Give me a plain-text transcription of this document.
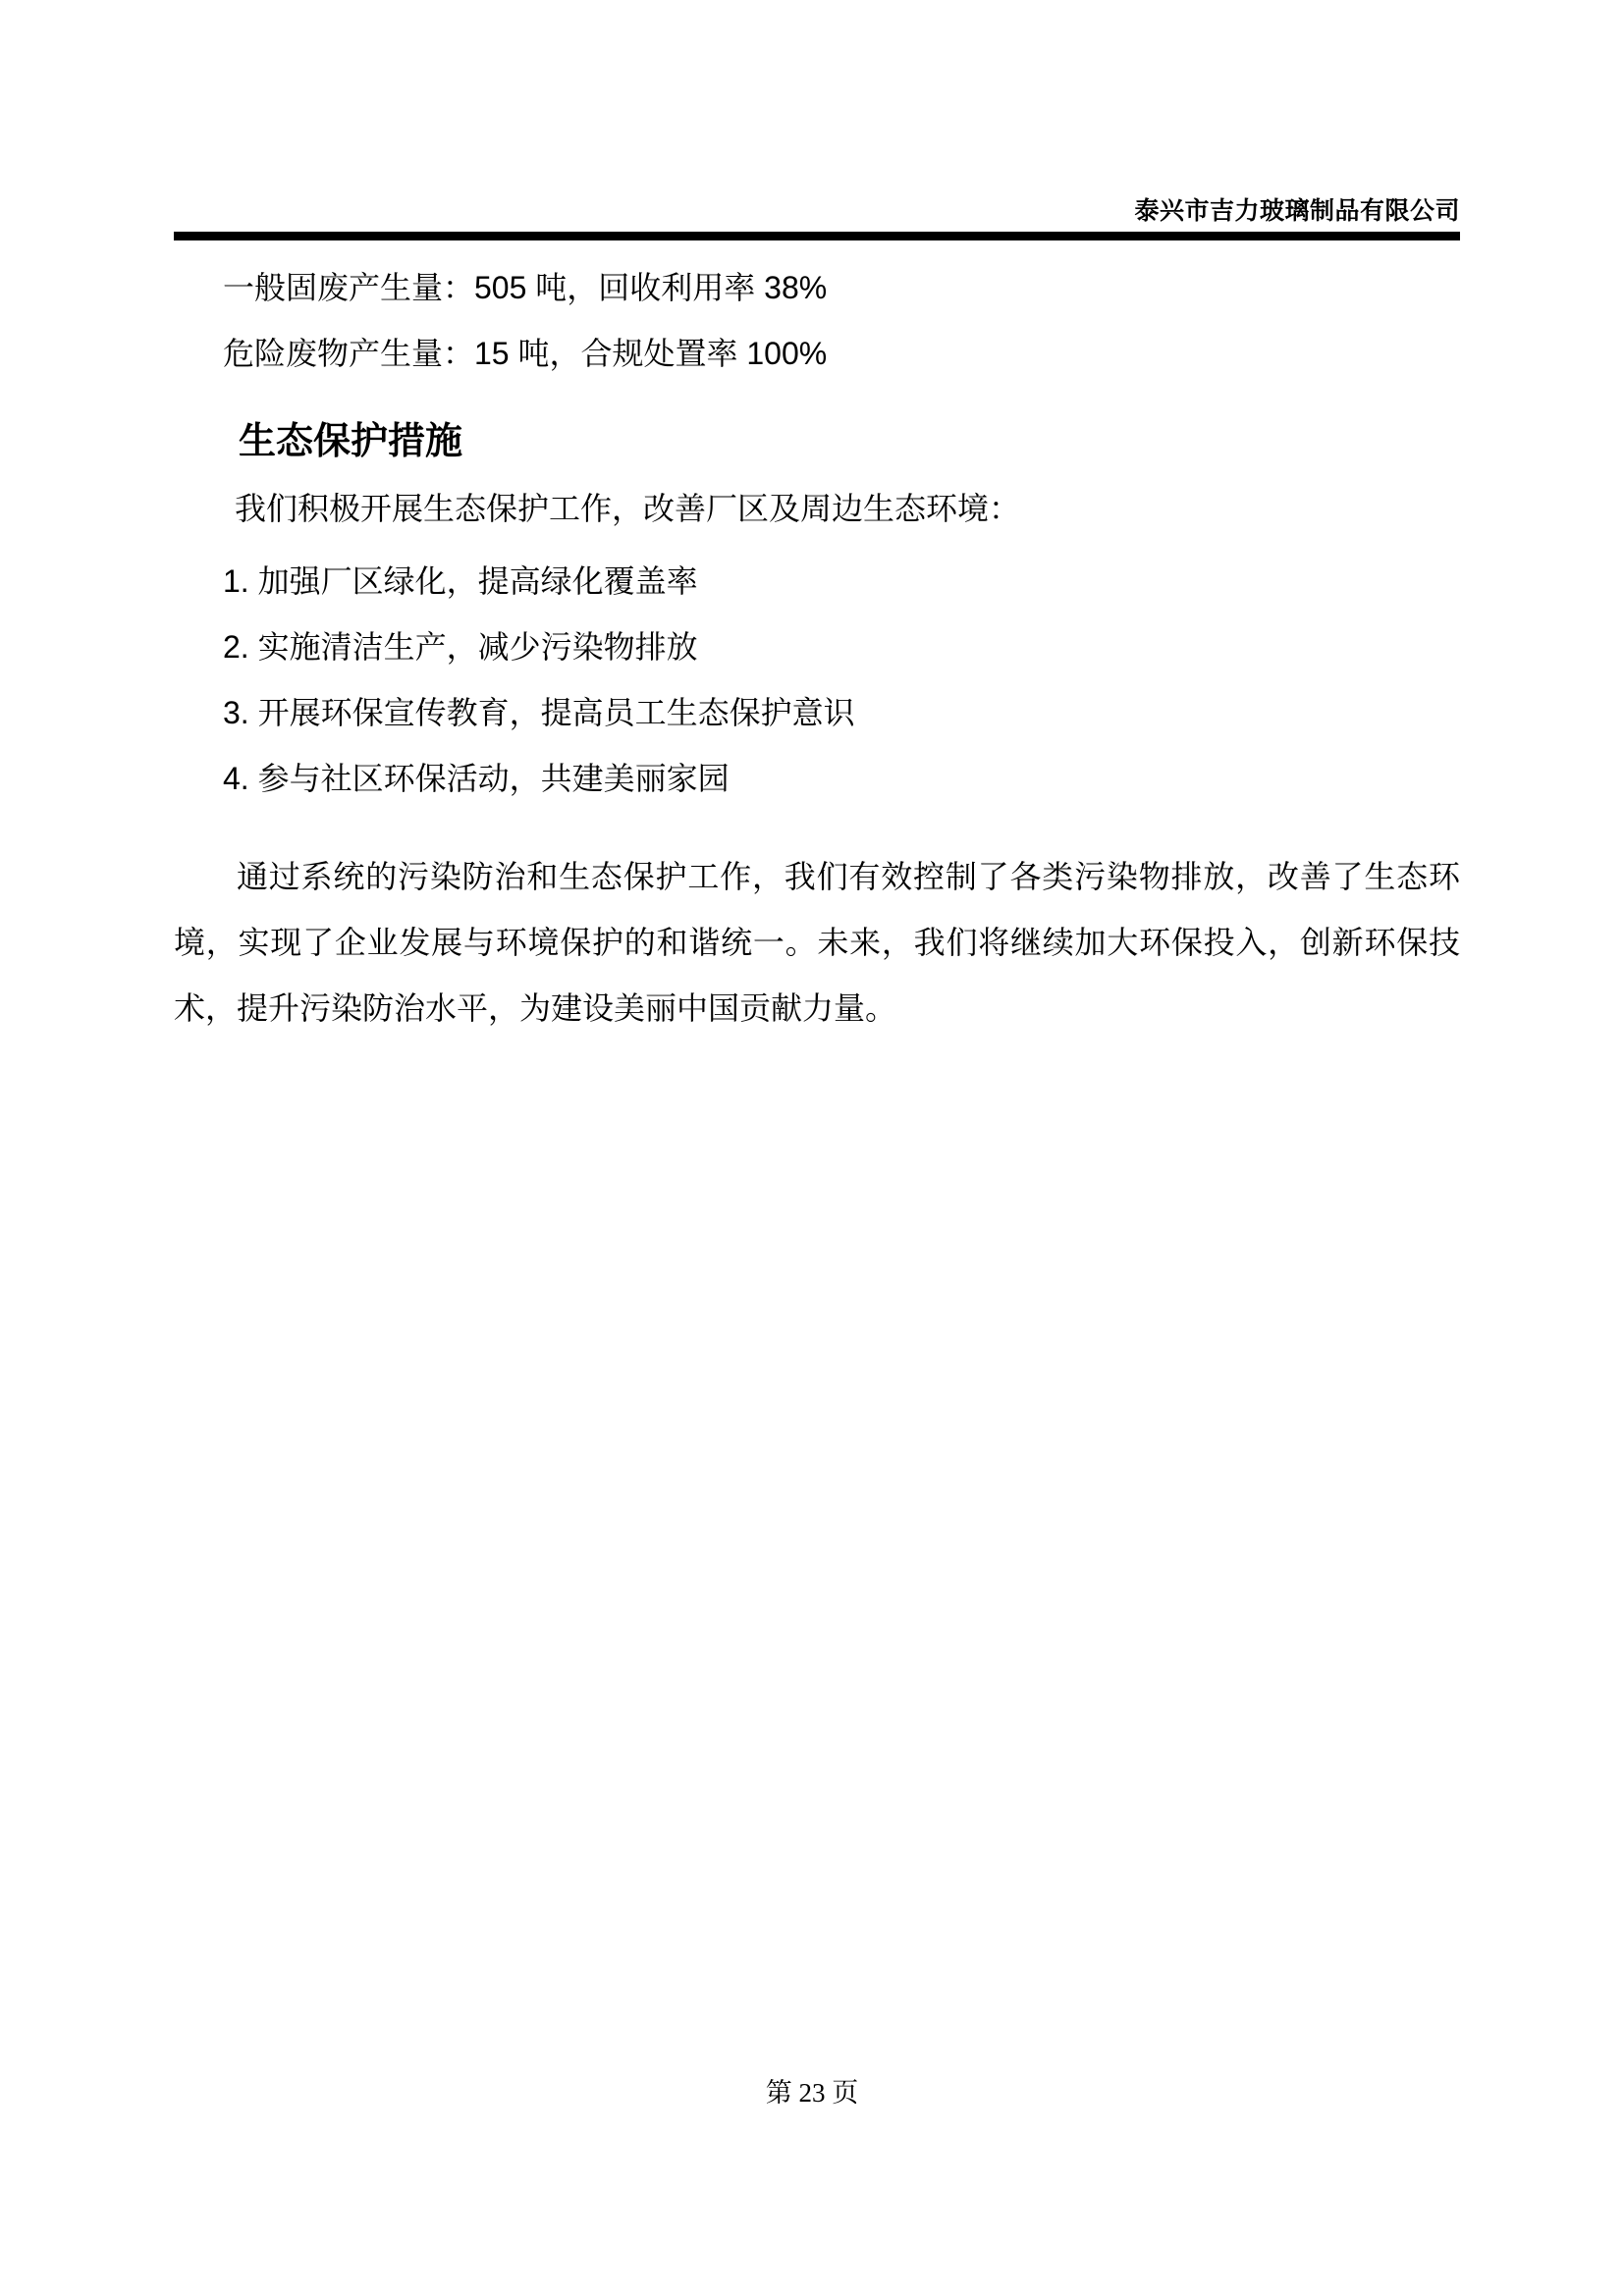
泰兴市吉力玻璃制品有限公司
一般固废产生量：505 吨，回收利用率 38%
危险废物产生量：15 吨，合规处置率 100%
生态保护措施
我们积极开展生态保护工作，改善厂区及周边生态环境：
1. 加强厂区绿化，提高绿化覆盖率
2. 实施清洁生产，减少污染物排放
3. 开展环保宣传教育，提高员工生态保护意识
4. 参与社区环保活动，共建美丽家园
通过系统的污染防治和生态保护工作，我们有效控制了各类污染物排放，改善了生态环境，实现了企业发展与环境保护的和谐统一。未来，我们将继续加大环保投入，创新环保技术，提升污染防治水平，为建设美丽中国贡献力量。
第 23 页
